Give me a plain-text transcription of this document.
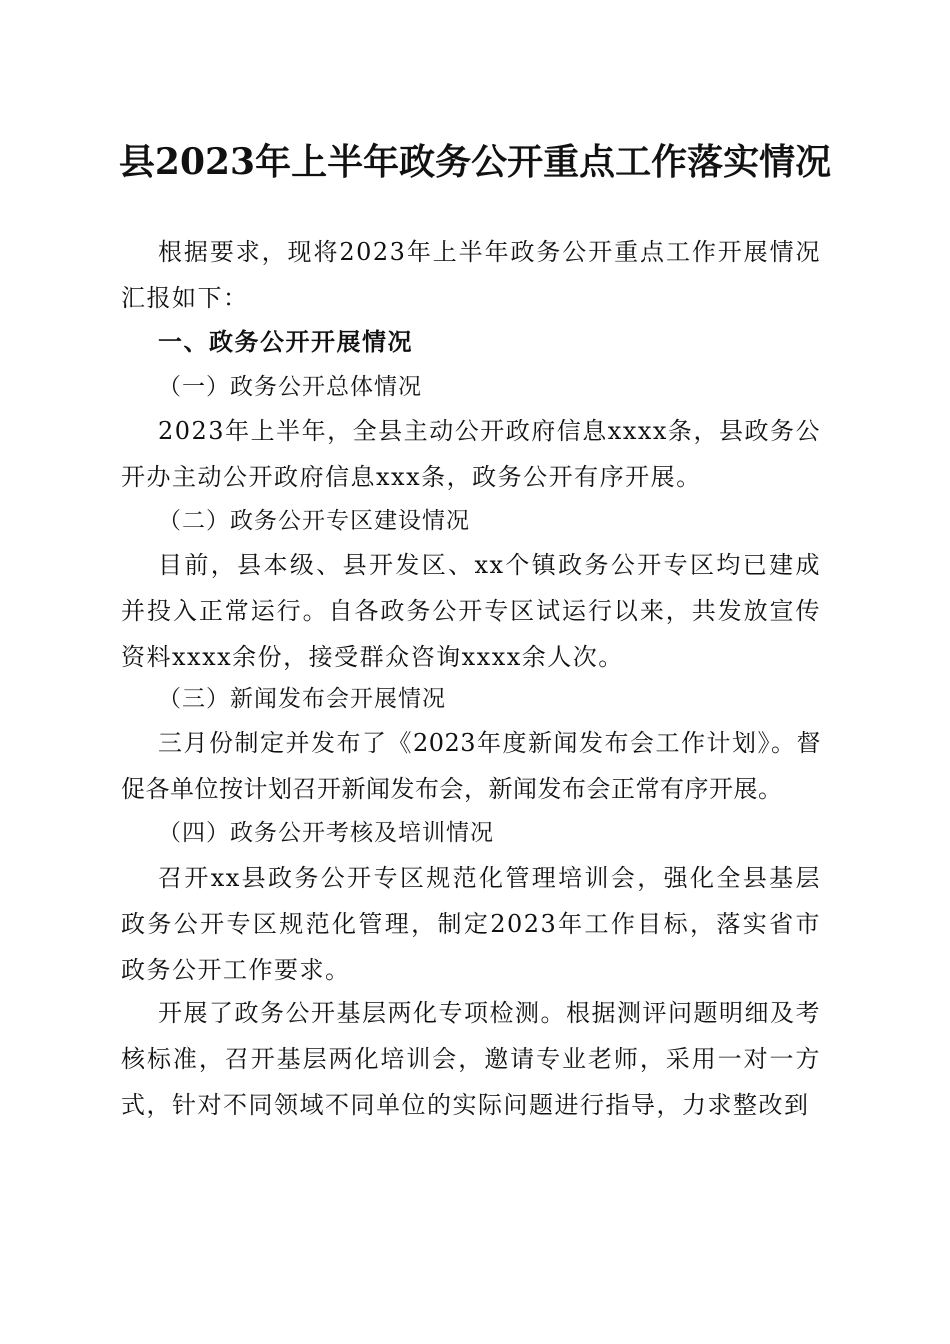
县2023年上半年政务公开重点工作落实情况
根据要求，现将2023年上半年政务公开重点工作开展情况汇报如下：
一、政务公开开展情况
（一）政务公开总体情况
2023年上半年，全县主动公开政府信息xxxx条，县政务公开办主动公开政府信息xxx条，政务公开有序开展。
（二）政务公开专区建设情况
目前，县本级、县开发区、xx个镇政务公开专区均已建成并投入正常运行。自各政务公开专区试运行以来，共发放宣传资料xxxx余份，接受群众咨询xxxx余人次。
（三）新闻发布会开展情况
三月份制定并发布了《2023年度新闻发布会工作计划》。督促各单位按计划召开新闻发布会，新闻发布会正常有序开展。
（四）政务公开考核及培训情况
召开xx县政务公开专区规范化管理培训会，强化全县基层政务公开专区规范化管理，制定2023年工作目标，落实省市政务公开工作要求。
开展了政务公开基层两化专项检测。根据测评问题明细及考核标准，召开基层两化培训会，邀请专业老师，采用一对一方式，针对不同领域不同单位的实际问题进行指导，力求整改到
